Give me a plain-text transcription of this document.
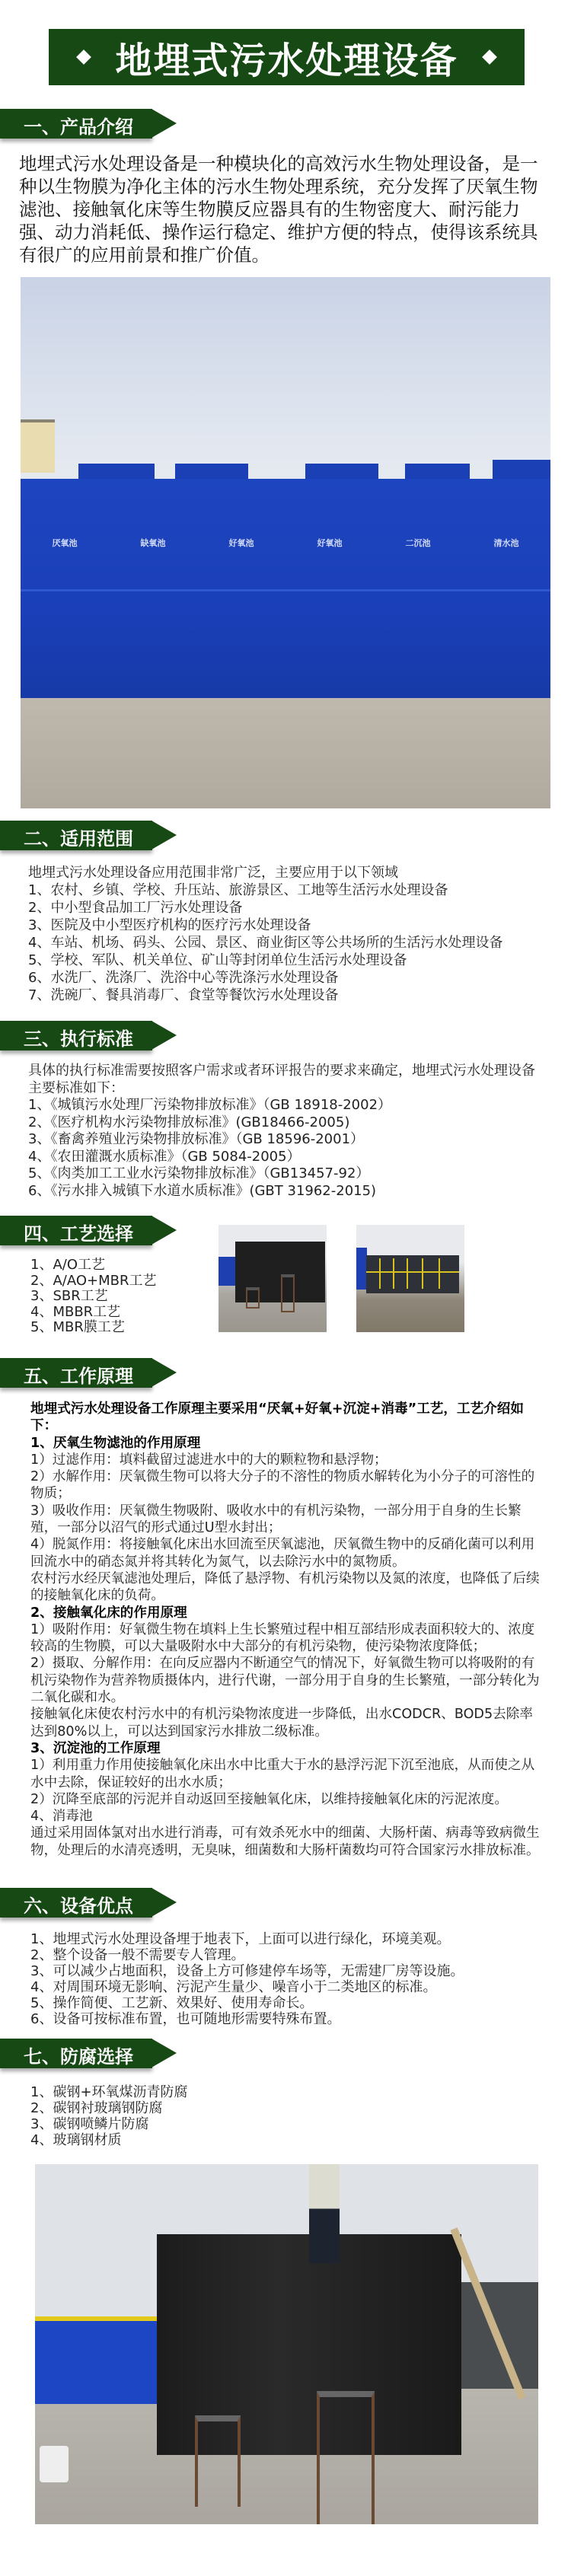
地埋式污水处理设备
一、产品介绍
地埋式污水处理设备是一种模块化的高效污水生物处理设备，是一种以生物膜为净化主体的污水生物处理系统，充分发挥了厌氧生物滤池、接触氧化床等生物膜反应器具有的生物密度大、耐污能力强、动力消耗低、操作运行稳定、维护方便的特点，使得该系统具有很广的应用前景和推广价值。
厌氧池	缺氧池	好氧池	好氧池	二沉池	清水池
二、适用范围
地埋式污水处理设备应用范围非常广泛，主要应用于以下领域
1、农村、乡镇、学校、升压站、旅游景区、工地等生活污水处理设备
2、中小型食品加工厂污水处理设备
3、医院及中小型医疗机构的医疗污水处理设备
4、车站、机场、码头、公园、景区、商业街区等公共场所的生活污水处理设备
5、学校、军队、机关单位、矿山等封闭单位生活污水处理设备
6、水洗厂、洗涤厂、洗浴中心等洗涤污水处理设备
7、洗碗厂、餐具消毒厂、食堂等餐饮污水处理设备
三、执行标准
具体的执行标准需要按照客户需求或者环评报告的要求来确定，地埋式污水处理设备
主要标准如下：
1、《城镇污水处理厂污染物排放标准》（GB 18918-2002）
2、《医疗机构水污染物排放标准》(GB18466-2005)
3、《畜禽养殖业污染物排放标准》（GB 18596-2001）
4、《农田灌溉水质标准》（GB 5084-2005）
5、《肉类加工工业水污染物排放标准》（GB13457-92）
6、《污水排入城镇下水道水质标准》(GBT 31962-2015)
四、工艺选择
1、A/O工艺
2、A/AO+MBR工艺
3、SBR工艺
4、MBBR工艺
5、MBR膜工艺
五、工作原理
地埋式污水处理设备工作原理主要采用“厌氧+好氧+沉淀+消毒”工艺，工艺介绍如下：
1、厌氧生物滤池的作用原理
1）过滤作用：填料截留过滤进水中的大的颗粒物和悬浮物；
2）水解作用：厌氧微生物可以将大分子的不溶性的物质水解转化为小分子的可溶性的物质；
3）吸收作用：厌氧微生物吸附、吸收水中的有机污染物，一部分用于自身的生长繁殖，一部分以沼气的形式通过U型水封出；
4）脱氮作用：将接触氧化床出水回流至厌氧滤池，厌氧微生物中的反硝化菌可以利用回流水中的硝态氮并将其转化为氮气，以去除污水中的氮物质。
农村污水经厌氧滤池处理后，降低了悬浮物、有机污染物以及氮的浓度，也降低了后续的接触氧化床的负荷。
2、接触氧化床的作用原理
1）吸附作用：好氧微生物在填料上生长繁殖过程中相互部结形成表面积较大的、浓度较高的生物膜，可以大量吸附水中大部分的有机污染物，使污染物浓度降低；
2）摄取、分解作用：在向反应器内不断通空气的情况下，好氧微生物可以将吸附的有机污染物作为营养物质摄体内，进行代谢，一部分用于自身的生长繁殖，一部分转化为二氧化碳和水。
接触氧化床使农村污水中的有机污染物浓度进一步降低，出水CODCR、BOD5去除率达到80%以上，可以达到国家污水排放二级标准。
3、沉淀池的工作原理
1）利用重力作用使接触氧化床出水中比重大于水的悬浮污泥下沉至池底，从而使之从水中去除，保证较好的出水水质；
2）沉降至底部的污泥并自动返回至接触氧化床，以维持接触氧化床的污泥浓度。
4、消毒池
通过采用固体氯对出水进行消毒，可有效杀死水中的细菌、大肠杆菌、病毒等致病微生物，处理后的水清亮透明，无臭味，细菌数和大肠杆菌数均可符合国家污水排放标准。
六、设备优点
1、地埋式污水处理设备埋于地表下，上面可以进行绿化，环境美观。
2、整个设备一般不需要专人管理。
3、可以减少占地面积，设备上方可修建停车场等，无需建厂房等设施。
4、对周围环境无影响、污泥产生量少、噪音小于二类地区的标准。
5、操作简便、工艺新、效果好、使用寿命长。
6、设备可按标准布置，也可随地形需要特殊布置。
七、防腐选择
1、碳钢+环氧煤沥青防腐
2、碳钢衬玻璃钢防腐
3、碳钢喷鳞片防腐
4、玻璃钢材质
